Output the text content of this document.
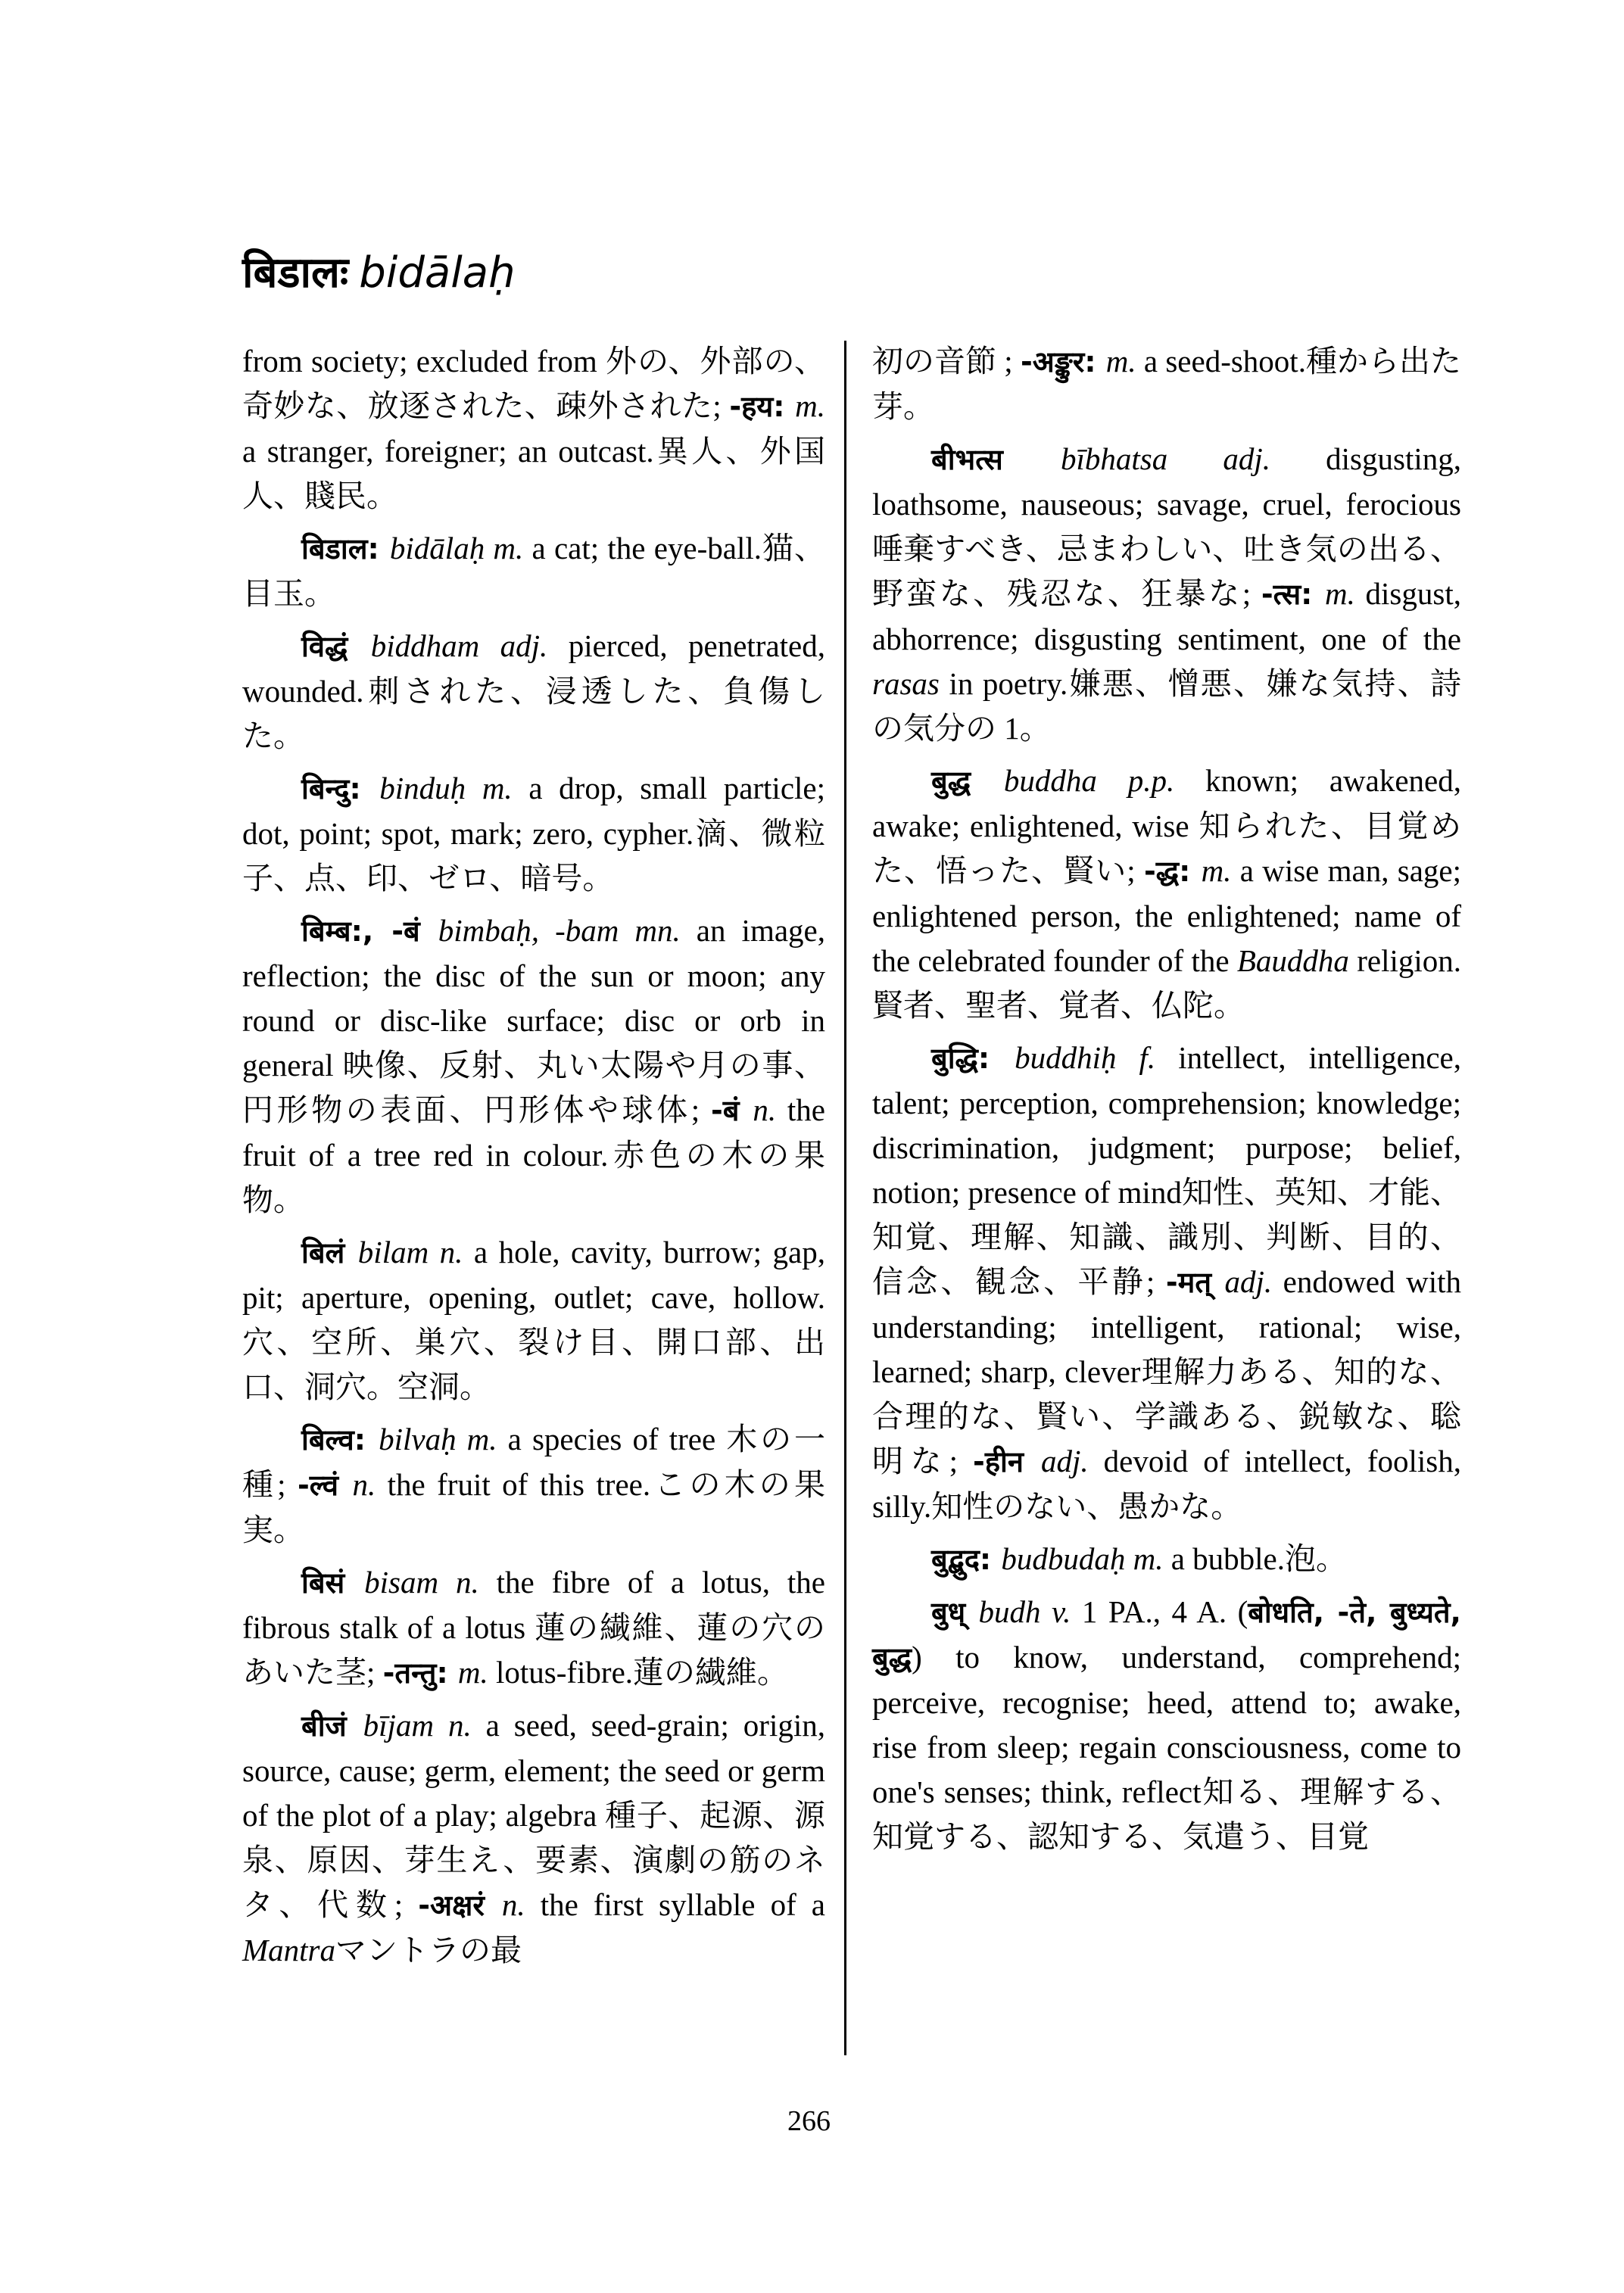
बिडालः bidālaḥ

from society; excluded from 外の、外部の、奇妙な、放逐された、疎外された; -हय: m. a stranger, foreigner; an outcast.異人、外国人、賤民。

बिडाल: bidālaḥ m. a cat; the eye-ball.猫、目玉。

विद्धं biddham adj. pierced, penetrated, wounded.刺された、浸透した、負傷した。

बिन्दु: binduḥ m. a drop, small particle; dot, point; spot, mark; zero, cypher.滴、微粒子、点、印、ゼロ、暗号。

बिम्ब:, -बं bimbaḥ, -bam mn. an image, reflection; the disc of the sun or moon; any round or disc-like surface; disc or orb in general 映像、反射、丸い太陽や月の事、円形物の表面、円形体や球体; -बं n. the fruit of a tree red in colour.赤色の木の果物。

बिलं bilam n. a hole, cavity, burrow; gap, pit; aperture, opening, outlet; cave, hollow.穴、空所、巣穴、裂け目、開口部、出口、洞穴。空洞。

बिल्व: bilvaḥ m. a species of tree 木の一種; -ल्वं n. the fruit of this tree.この木の果実。

बिसं bisam n. the fibre of a lotus, the fibrous stalk of a lotus 蓮の繊維、蓮の穴のあいた茎; -तन्तु: m. lotus-fibre.蓮の繊維。

बीजं bījam n. a seed, seed-grain; origin, source, cause; germ, element; the seed or germ of the plot of a play; algebra 種子、起源、源泉、原因、芽生え、要素、演劇の筋のネタ、代数; -अक्षरं n. the first syllable of a Mantraマントラの最

初の音節 ; -अङ्कुर: m. a seed-shoot.種から出た芽。

बीभत्स bībhatsa adj. disgusting, loathsome, nauseous; savage, cruel, ferocious 唾棄すべき、忌まわしい、吐き気の出る、野蛮な、残忍な、狂暴な; -त्स: m. disgust, abhorrence; disgusting sentiment, one of the rasas in poetry.嫌悪、憎悪、嫌な気持、詩の気分の 1。

बुद्ध buddha p.p. known; awakened, awake; enlightened, wise 知られた、目覚めた、悟った、賢い; -द्ध: m. a wise man, sage; enlightened person, the enlightened; name of the celebrated founder of the Bauddha religion.賢者、聖者、覚者、仏陀。

बुद्धि: buddhiḥ f. intellect, intelligence, talent; perception, comprehension; knowledge; discrimination, judgment; purpose; belief, notion; presence of mind知性、英知、才能、知覚、理解、知識、識別、判断、目的、信念、観念、平静; -मत् adj. endowed with understanding; intelligent, rational; wise, learned; sharp, clever理解力ある、知的な、合理的な、賢い、学識ある、鋭敏な、聡明な; -हीन adj. devoid of intellect, foolish, silly.知性のない、愚かな。

बुद्बुद: budbudaḥ m. a bubble.泡。

बुध् budh v. 1 PA., 4 A. (बोधति, -ते, बुध्यते, बुद्ध) to know, understand, comprehend; perceive, recognise; heed, attend to; awake, rise from sleep; regain consciousness, come to one's senses; think, reflect知る、理解する、知覚する、認知する、気遣う、目覚

266
